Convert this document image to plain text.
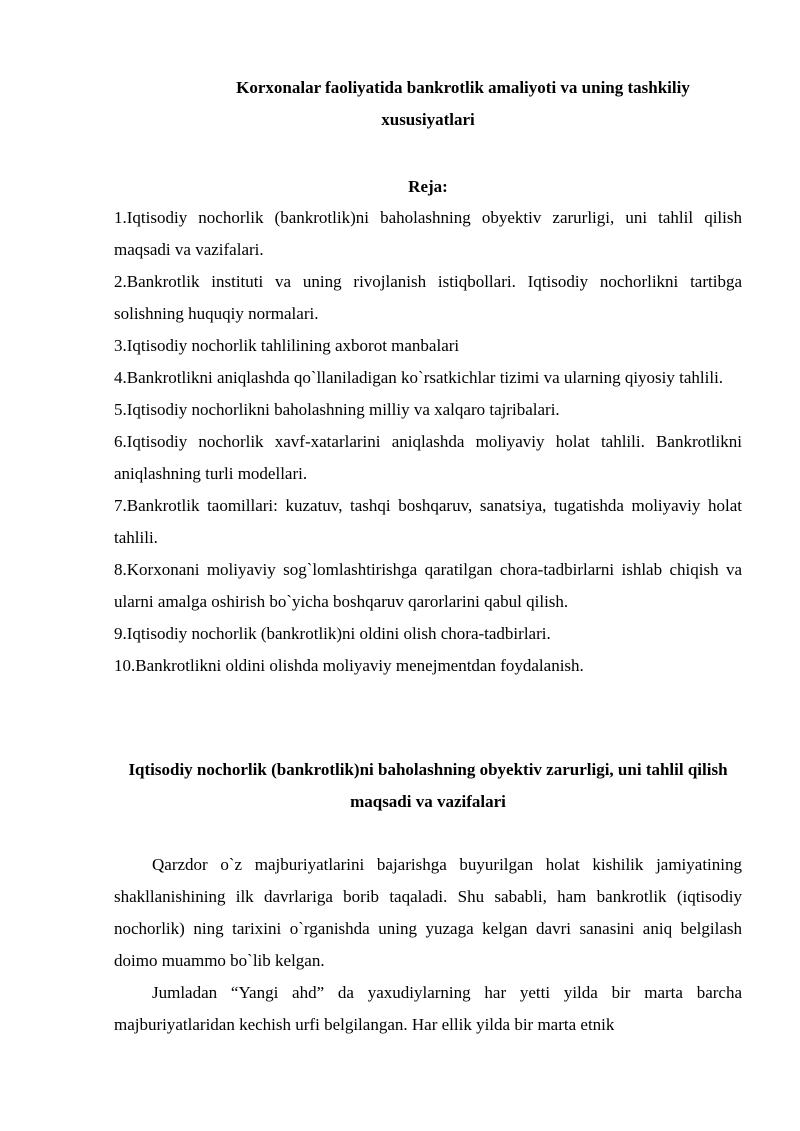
Korxonalar faoliyatida bankrotlik amaliyoti va uning tashkiliy
xususiyatlari
Reja:

1.Iqtisodiy nochorlik (bankrotlik)ni baholashning obyektiv zarurligi, uni tahlil qilish maqsadi va vazifalari.

2.Bankrotlik instituti va uning rivojlanish istiqbollari. Iqtisodiy nochorlikni tartibga solishning huquqiy normalari.

3.Iqtisodiy nochorlik tahlilining axborot manbalari

4.Bankrotlikni aniqlashda qo`llaniladigan ko`rsatkichlar tizimi va ularning qiyosiy tahlili.

5.Iqtisodiy nochorlikni baholashning milliy va xalqaro tajribalari.

6.Iqtisodiy nochorlik xavf-xatarlarini aniqlashda moliyaviy holat tahlili. Bankrotlikni aniqlashning turli modellari.

7.Bankrotlik taomillari: kuzatuv, tashqi boshqaruv, sanatsiya, tugatishda moliyaviy holat tahlili.

8.Korxonani moliyaviy sog`lomlashtirishga qaratilgan chora-tadbirlarni ishlab chiqish va ularni amalga oshirish bo`yicha boshqaruv qarorlarini qabul qilish.

9.Iqtisodiy nochorlik (bankrotlik)ni oldini olish chora-tadbirlari.

10.Bankrotlikni oldini olishda moliyaviy menejmentdan foydalanish.

Iqtisodiy nochorlik (bankrotlik)ni baholashning obyektiv zarurligi, uni tahlil qilish maqsadi va vazifalari

Qarzdor o`z majburiyatlarini bajarishga buyurilgan holat kishilik jamiyatining shakllanishining ilk davrlariga borib taqaladi. Shu sababli, ham bankrotlik (iqtisodiy nochorlik) ning tarixini o`rganishda uning yuzaga kelgan davri sanasini aniq belgilash doimo muammo bo`lib kelgan.

Jumladan “Yangi ahd” da yaxudiylarning har yetti yilda bir marta barcha majburiyatlaridan kechish urfi belgilangan. Har ellik yilda bir marta etnik
